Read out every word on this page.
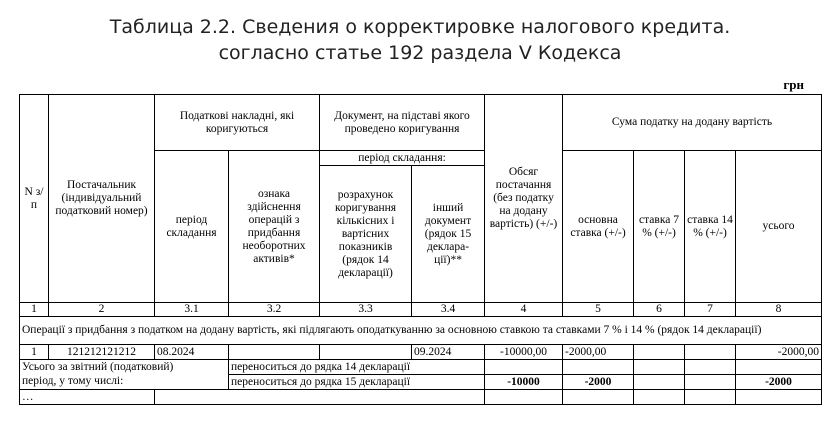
Таблица 2.2. Сведения о корректировке налогового кредита.
согласно статье 192 раздела V Кодекса
грн
N з/п	Постачальник (індивідуальний податковий номер)	Податкові накладні, які коригуються		Документ, на підставі якого проведено коригування		Обсяг постачання (без податку на додану вартість) (+/-)	Сума податку на додану вартість			
		період складання	ознака здійснення операцій з придбання необоротних активів*	період складання:			основна ставка (+/-)	ставка 7 % (+/-)	ставка 14 % (+/-)	усього
				розрахунок коригування кількісних і вартісних показників (рядок 14 декларації)	інший документ (рядок 15 деклара-ції)**					
1	2	3.1	3.2	3.3	3.4	4	5	6	7	8
Операції з придбання з податком на додану вартість, які підлягають оподаткуванню за основною ставкою та ставками 7 % і 14 % (рядок 14 декларації)										
1	121212121212	08.2024			09.2024	-10000,00	-2000,00			-2000,00
Усього за звітний (податковий)			переноситься до рядка 14 декларації							
період, у тому числі:			переноситься до рядка 15 декларації			-10000	-2000			-2000
…										
